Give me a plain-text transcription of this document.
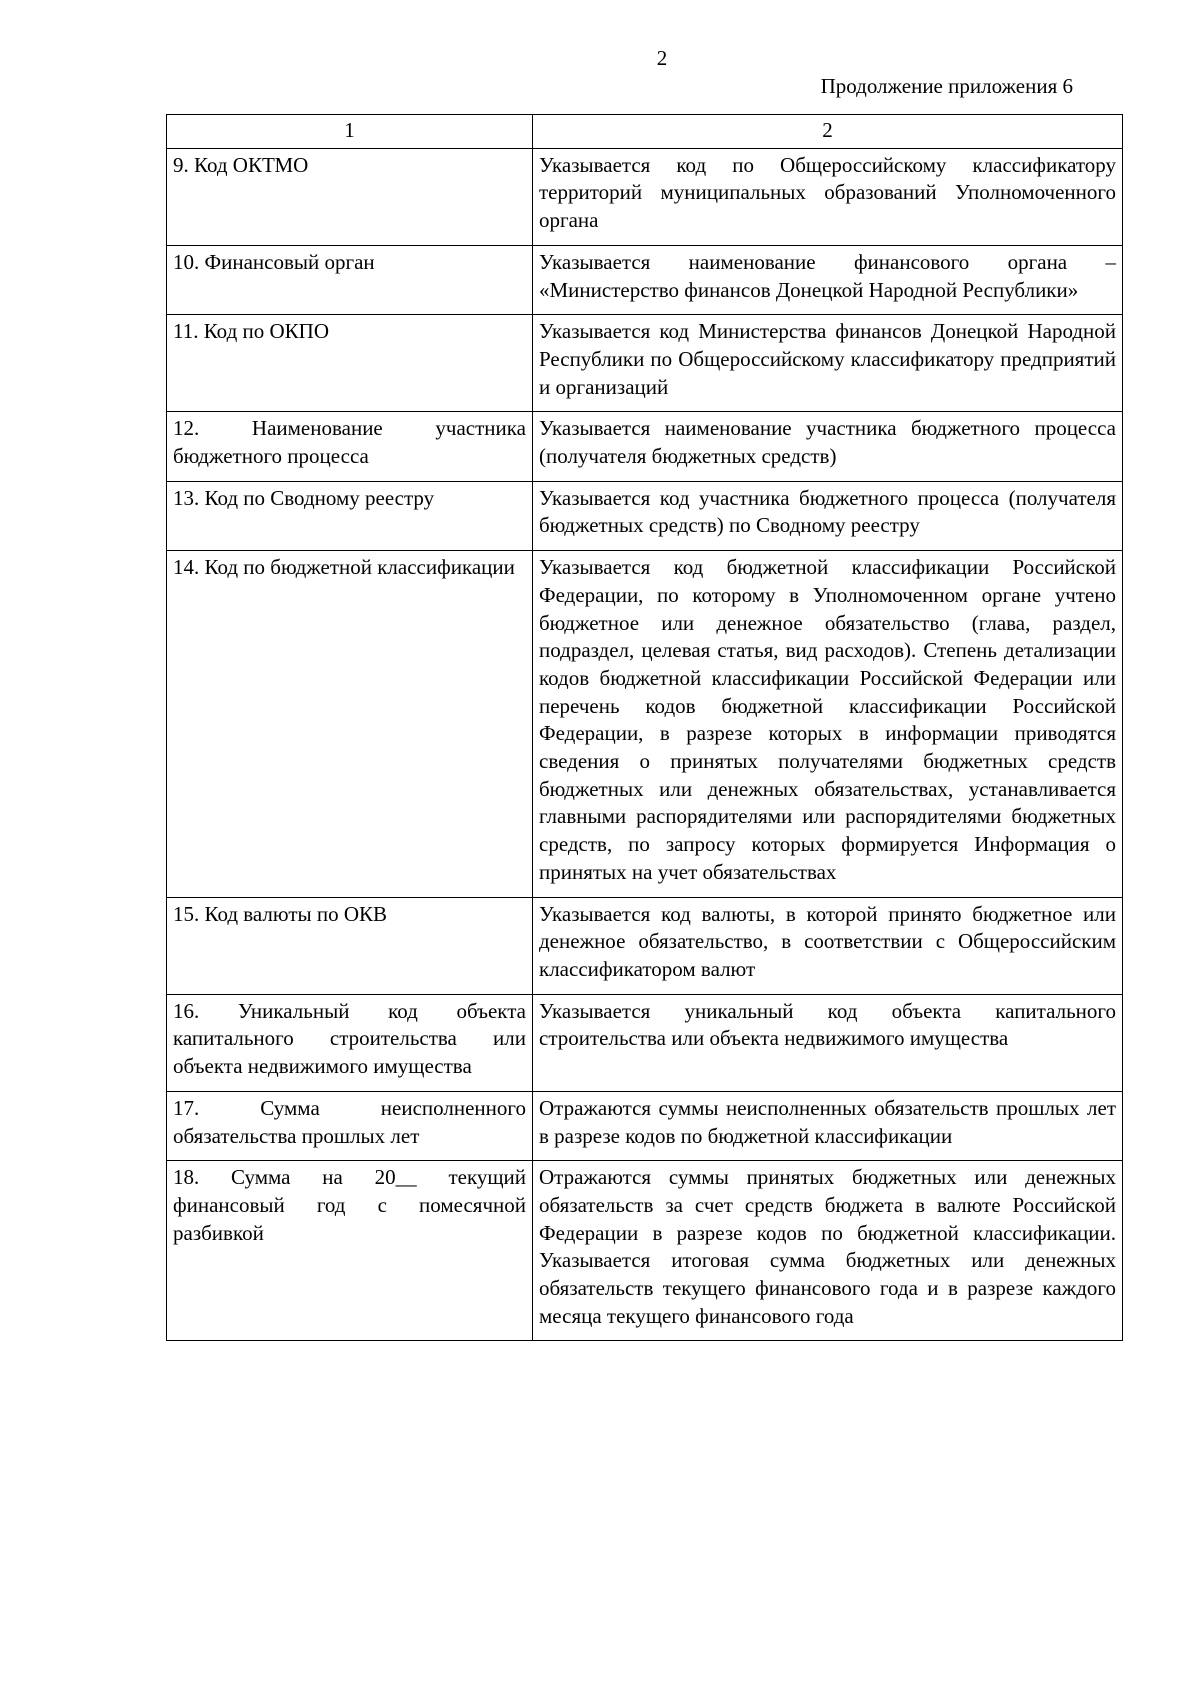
2
Продолжение приложения 6
1	2
9. Код ОКТМО	Указывается код по Общероссийскому классификатору территорий муниципальных образований Уполномоченного органа
10. Финансовый орган	Указывается наименование финансового органа – «Министерство финансов Донецкой Народной Республики»
11. Код по ОКПО	Указывается код Министерства финансов Донецкой Народной Республики по Общероссийскому классификатору предприятий и организаций
12. Наименование участника бюджетного процесса	Указывается наименование участника бюджетного процесса (получателя бюджетных средств)
13. Код по Сводному реестру	Указывается код участника бюджетного процесса (получателя бюджетных средств) по Сводному реестру
14. Код по бюджетной классификации	Указывается код бюджетной классификации Российской Федерации, по которому в Уполномоченном органе учтено бюджетное или денежное обязательство (глава, раздел, подраздел, целевая статья, вид расходов). Степень детализации кодов бюджетной классификации Российской Федерации или перечень кодов бюджетной классификации Российской Федерации, в разрезе которых в информации приводятся сведения о принятых получателями бюджетных средств бюджетных или денежных обязательствах, устанавливается главными распорядителями или распорядителями бюджетных средств, по запросу которых формируется Информация о принятых на учет обязательствах
15. Код валюты по ОКВ	Указывается код валюты, в которой принято бюджетное или денежное обязательство, в соответствии с Общероссийским классификатором валют
16. Уникальный код объекта капитального строительства или объекта недвижимого имущества	Указывается уникальный код объекта капитального строительства или объекта недвижимого имущества
17. Сумма неисполненного обязательства прошлых лет	Отражаются суммы неисполненных обязательств прошлых лет в разрезе кодов по бюджетной классификации
18. Сумма на 20__ текущий финансовый год с помесячной разбивкой	Отражаются суммы принятых бюджетных или денежных обязательств за счет средств бюджета в валюте Российской Федерации в разрезе кодов по бюджетной классификации. Указывается итоговая сумма бюджетных или денежных обязательств текущего финансового года и в разрезе каждого месяца текущего финансового года
